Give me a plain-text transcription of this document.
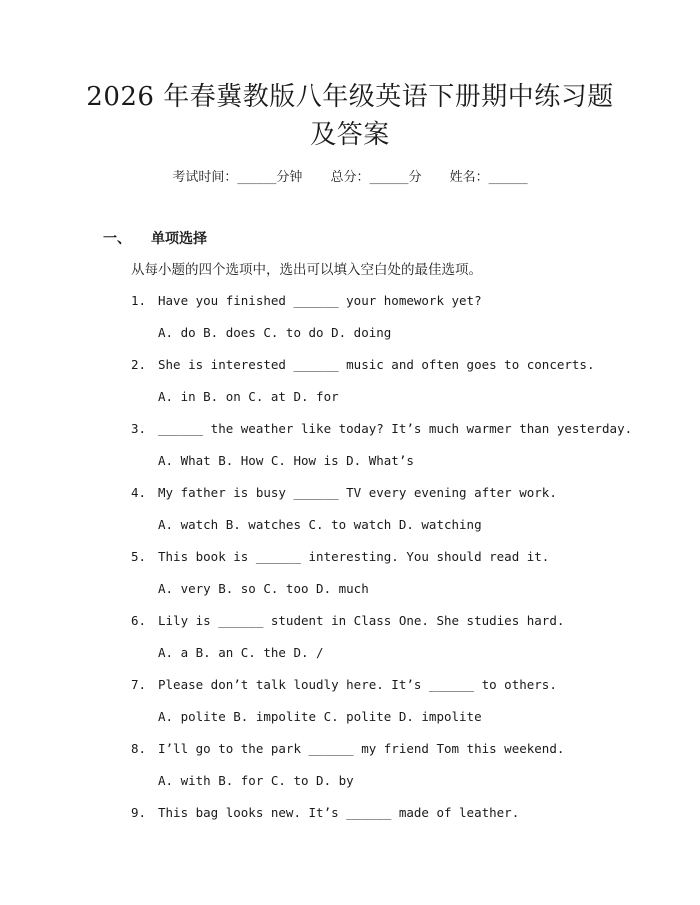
2026 年春冀教版八年级英语下册期中练习题
及答案
考试时间：______分钟 总分：______分 姓名：______
一、 单项选择
从每小题的四个选项中，选出可以填入空白处的最佳选项。
1. Have you finished ______ your homework yet?
A. do B. does C. to do D. doing
2. She is interested ______ music and often goes to concerts.
A. in B. on C. at D. for
3. ______ the weather like today? It’s much warmer than yesterday.
A. What B. How C. How is D. What’s
4. My father is busy ______ TV every evening after work.
A. watch B. watches C. to watch D. watching
5. This book is ______ interesting. You should read it.
A. very B. so C. too D. much
6. Lily is ______ student in Class One. She studies hard.
A. a B. an C. the D. /
7. Please don’t talk loudly here. It’s ______ to others.
A. polite B. impolite C. polite D. impolite
8. I’ll go to the park ______ my friend Tom this weekend.
A. with B. for C. to D. by
9. This bag looks new. It’s ______ made of leather.
